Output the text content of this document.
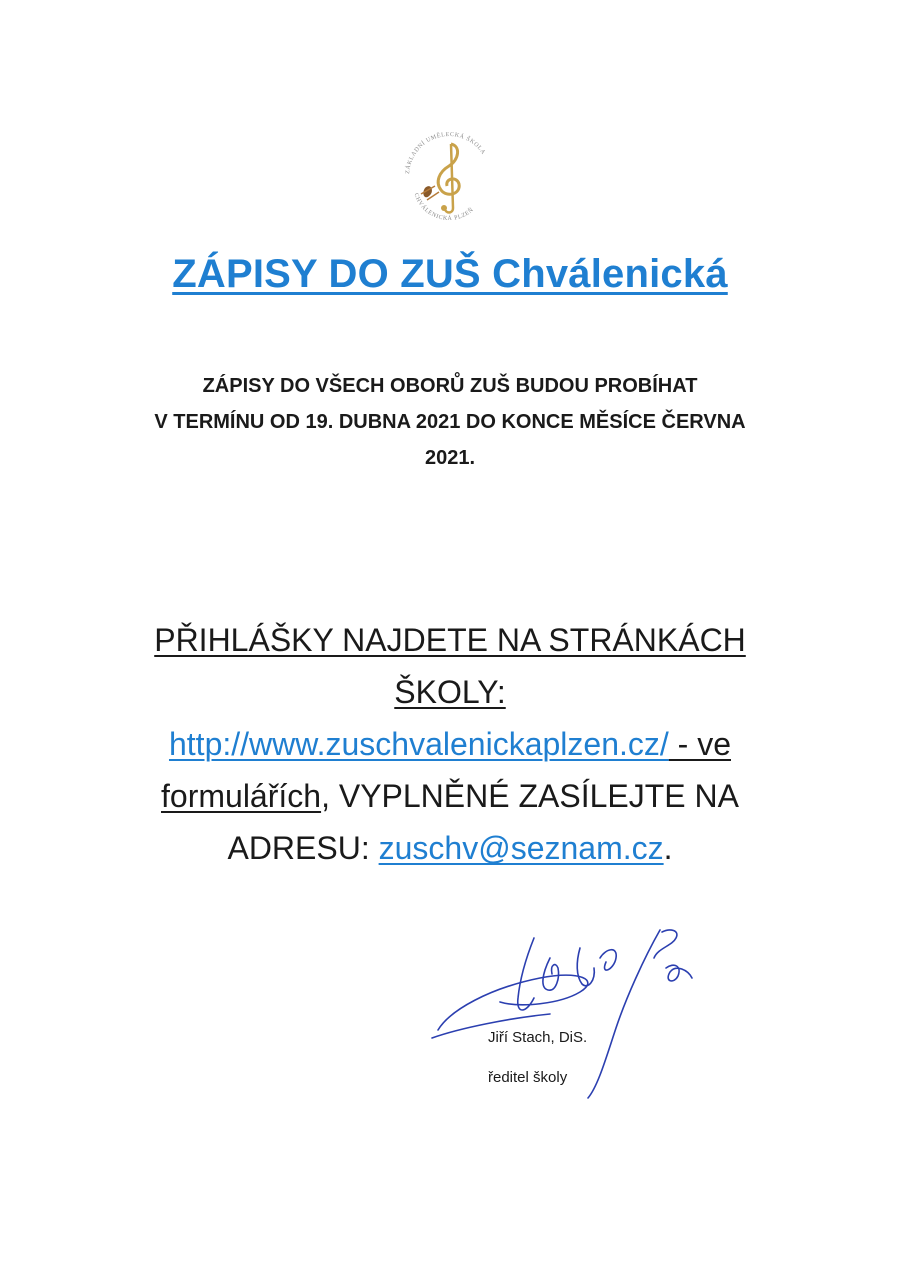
ZÁKLADNÍ UMĚLECKÁ ŠKOLA
CHVÁLENICKÁ PLZEŇ
ZÁPISY DO ZUŠ Chválenická
ZÁPISY DO VŠECH OBORŮ ZUŠ BUDOU PROBÍHAT
V TERMÍNU OD 19. DUBNA 2021 DO KONCE MĚSÍCE ČERVNA
2021.
PŘIHLÁŠKY NAJDETE NA STRÁNKÁCH
ŠKOLY:
http://www.zuschvalenickaplzen.cz/ - ve
formulářích, VYPLNĚNÉ ZASÍLEJTE NA
ADRESU: zuschv@seznam.cz.
Jiří Stach, DiS.
ředitel školy
